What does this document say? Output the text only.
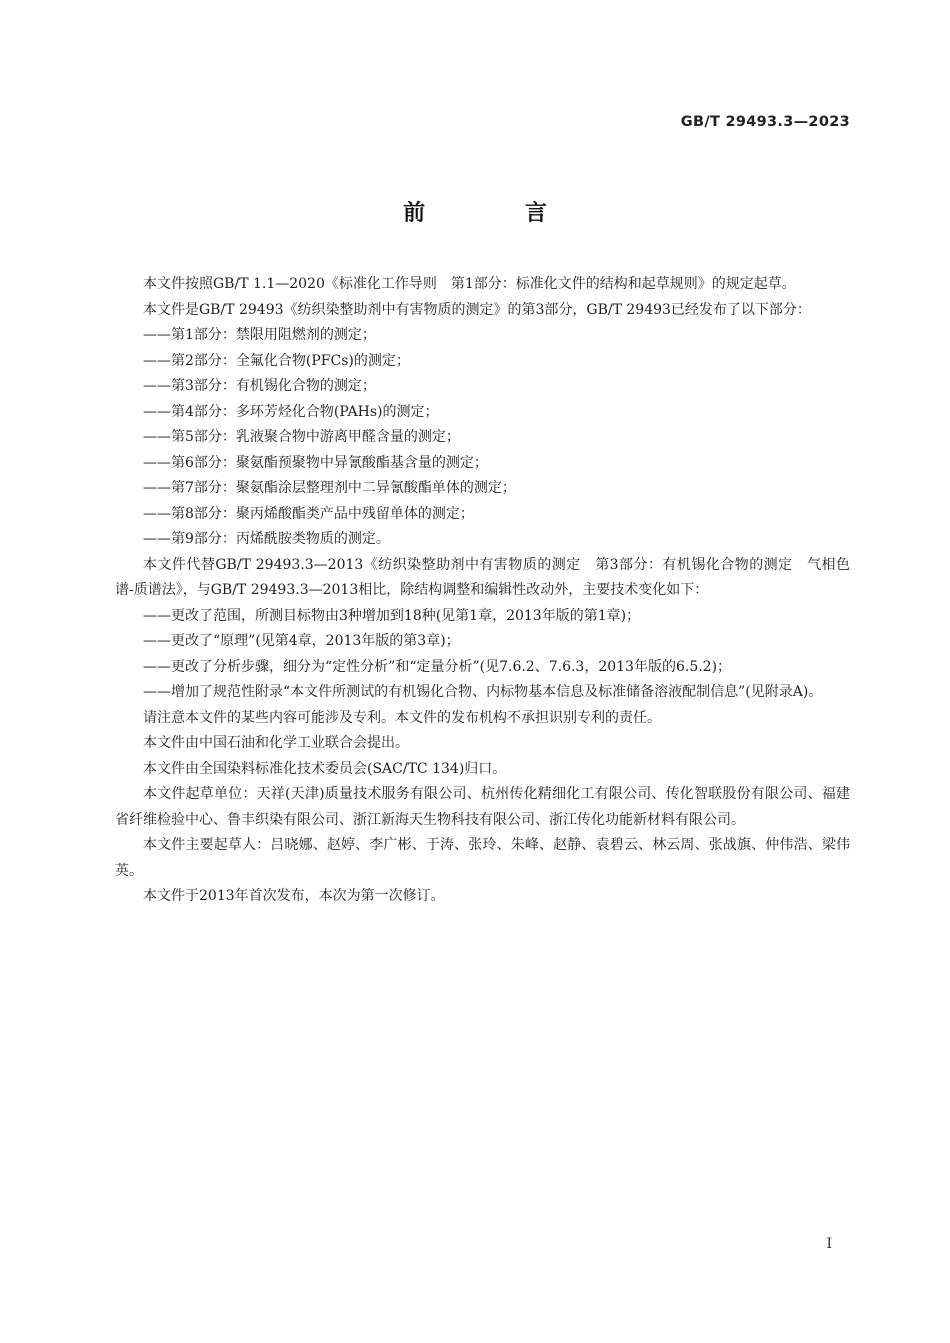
GB/T 29493.3—2023
前 言

本文件按照GB/T 1.1—2020《标准化工作导则　第1部分：标准化文件的结构和起草规则》的规定起草。

本文件是GB/T 29493《纺织染整助剂中有害物质的测定》的第3部分，GB/T 29493已经发布了以下部分：

——第1部分：禁限用阻燃剂的测定；

——第2部分：全氟化合物(PFCs)的测定；

——第3部分：有机锡化合物的测定；

——第4部分：多环芳烃化合物(PAHs)的测定；

——第5部分：乳液聚合物中游离甲醛含量的测定；

——第6部分：聚氨酯预聚物中异氰酸酯基含量的测定；

——第7部分：聚氨酯涂层整理剂中二异氰酸酯单体的测定；

——第8部分：聚丙烯酸酯类产品中残留单体的测定；

——第9部分：丙烯酰胺类物质的测定。

本文件代替GB/T 29493.3—2013《纺织染整助剂中有害物质的测定　第3部分：有机锡化合物的测定　气相色谱-质谱法》，与GB/T 29493.3—2013相比，除结构调整和编辑性改动外，主要技术变化如下：

——更改了范围，所测目标物由3种增加到18种(见第1章，2013年版的第1章)；

——更改了“原理”(见第4章，2013年版的第3章)；

——更改了分析步骤，细分为“定性分析”和“定量分析”(见7.6.2、7.6.3，2013年版的6.5.2)；

——增加了规范性附录“本文件所测试的有机锡化合物、内标物基本信息及标准储备溶液配制信息”(见附录A)。

请注意本文件的某些内容可能涉及专利。本文件的发布机构不承担识别专利的责任。

本文件由中国石油和化学工业联合会提出。

本文件由全国染料标准化技术委员会(SAC/TC 134)归口。

本文件起草单位：天祥(天津)质量技术服务有限公司、杭州传化精细化工有限公司、传化智联股份有限公司、福建省纤维检验中心、鲁丰织染有限公司、浙江新海天生物科技有限公司、浙江传化功能新材料有限公司。

本文件主要起草人：吕晓娜、赵婷、李广彬、于涛、张玲、朱峰、赵静、袁碧云、林云周、张战旗、仲伟浩、梁伟英。

本文件于2013年首次发布，本次为第一次修订。

I
